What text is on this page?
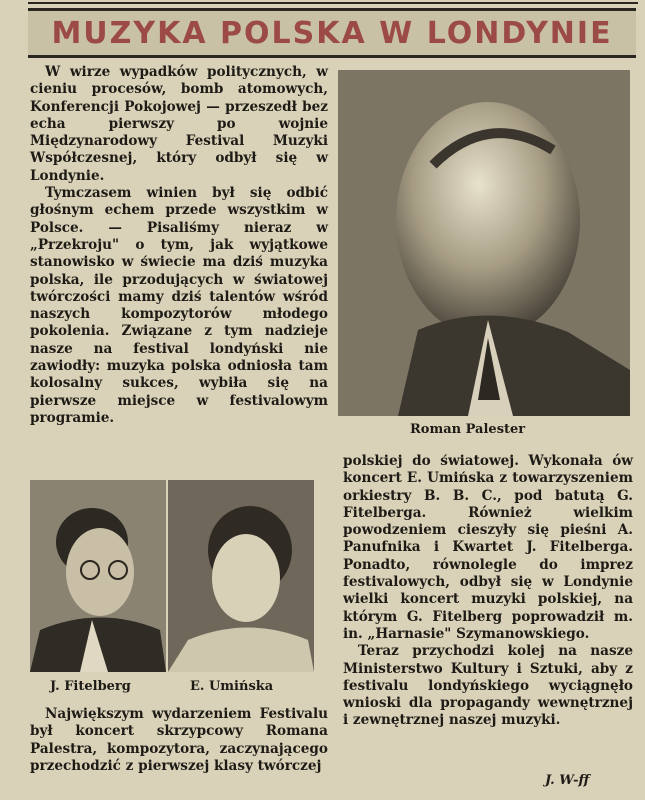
MUZYKA POLSKA W LONDYNIE

W wirze wypadków politycznych, w cieniu procesów, bomb atomowych, Konferencji Pokojowej — przeszedł bez echa pierwszy po wojnie Międzynarodowy Festival Muzyki Współczesnej, który odbył się w Londynie.

Tymczasem winien był się odbić głośnym echem przede wszystkim w Polsce. — Pisaliśmy nieraz w „Przekroju" o tym, jak wyjątkowe stanowisko w świecie ma dziś muzyka polska, ile przodujących w światowej twórczości mamy dziś talentów wśród naszych kompozytorów młodego pokolenia. Związane z tym nadzieje nasze na festival londyński nie zawiodły: muzyka polska odniosła tam kolosalny sukces, wybiła się na pierwsze miejsce w festivalowym programie.

Roman Palester
J. Fitelberg	E. Umińska

Największym wydarzeniem Festivalu był koncert skrzypcowy Romana Palestra, kompozytora, zaczynającego przechodzić z pierwszej klasy twórczej

polskiej do światowej. Wykonała ów koncert E. Umińska z towarzyszeniem orkiestry B. B. C., pod batutą G. Fitelberga. Również wielkim powodzeniem cieszyły się pieśni A. Panufnika i Kwartet J. Fitelberga. Ponadto, równolegle do imprez festivalowych, odbył się w Londynie wielki koncert muzyki polskiej, na którym G. Fitelberg poprowadził m. in. „Harnasie" Szymanowskiego.

Teraz przychodzi kolej na nasze Ministerstwo Kultury i Sztuki, aby z festivalu londyńskiego wyciągnęło wnioski dla propagandy wewnętrznej i zewnętrznej naszej muzyki.

J. W-ff
